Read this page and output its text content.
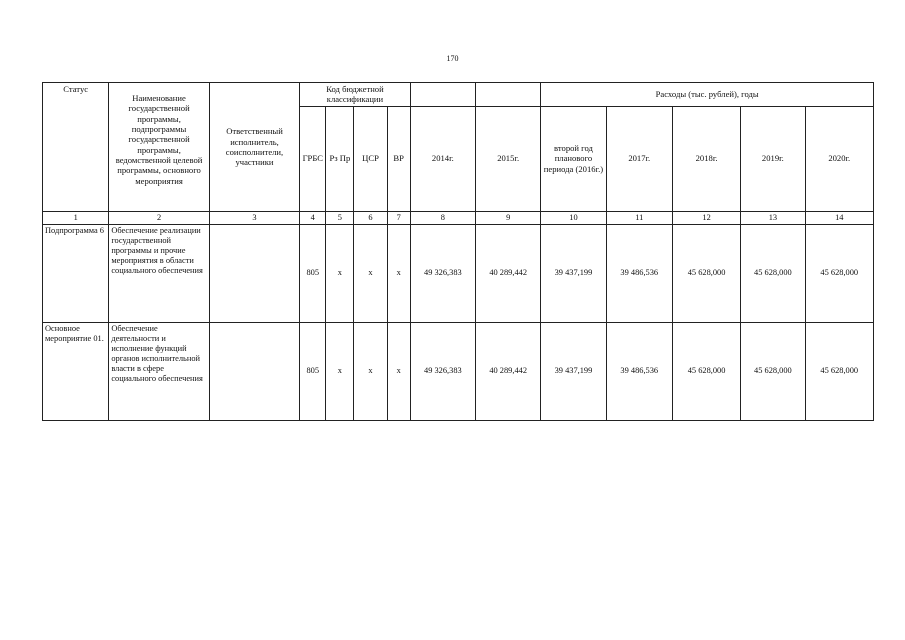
170
Статус	Наименование государственной программы, подпрограммы государственной программы, ведомственной целевой программы, основного мероприятия	Ответственный исполнитель, соисполнители, участники	Код бюджетной классификации						Расходы (тыс. рублей), годы				
			ГРБС	Рз Пр	ЦСР	ВР	2014г.	2015г.	второй год планового периода (2016г.)	2017г.	2018г.	2019г.	2020г.
1	2	3	4	5	6	7	8	9	10	11	12	13	14
Подпрограмма 6	Обеспечение реализации государственной программы и прочие мероприятия в области социального обеспечения		805	x	x	x	49 326,383	40 289,442	39 437,199	39 486,536	45 628,000	45 628,000	45 628,000
Основное мероприятие 01.	Обеспечение деятельности и исполнение функций органов исполнительной власти в сфере социального обеспечения		805	x	x	x	49 326,383	40 289,442	39 437,199	39 486,536	45 628,000	45 628,000	45 628,000
